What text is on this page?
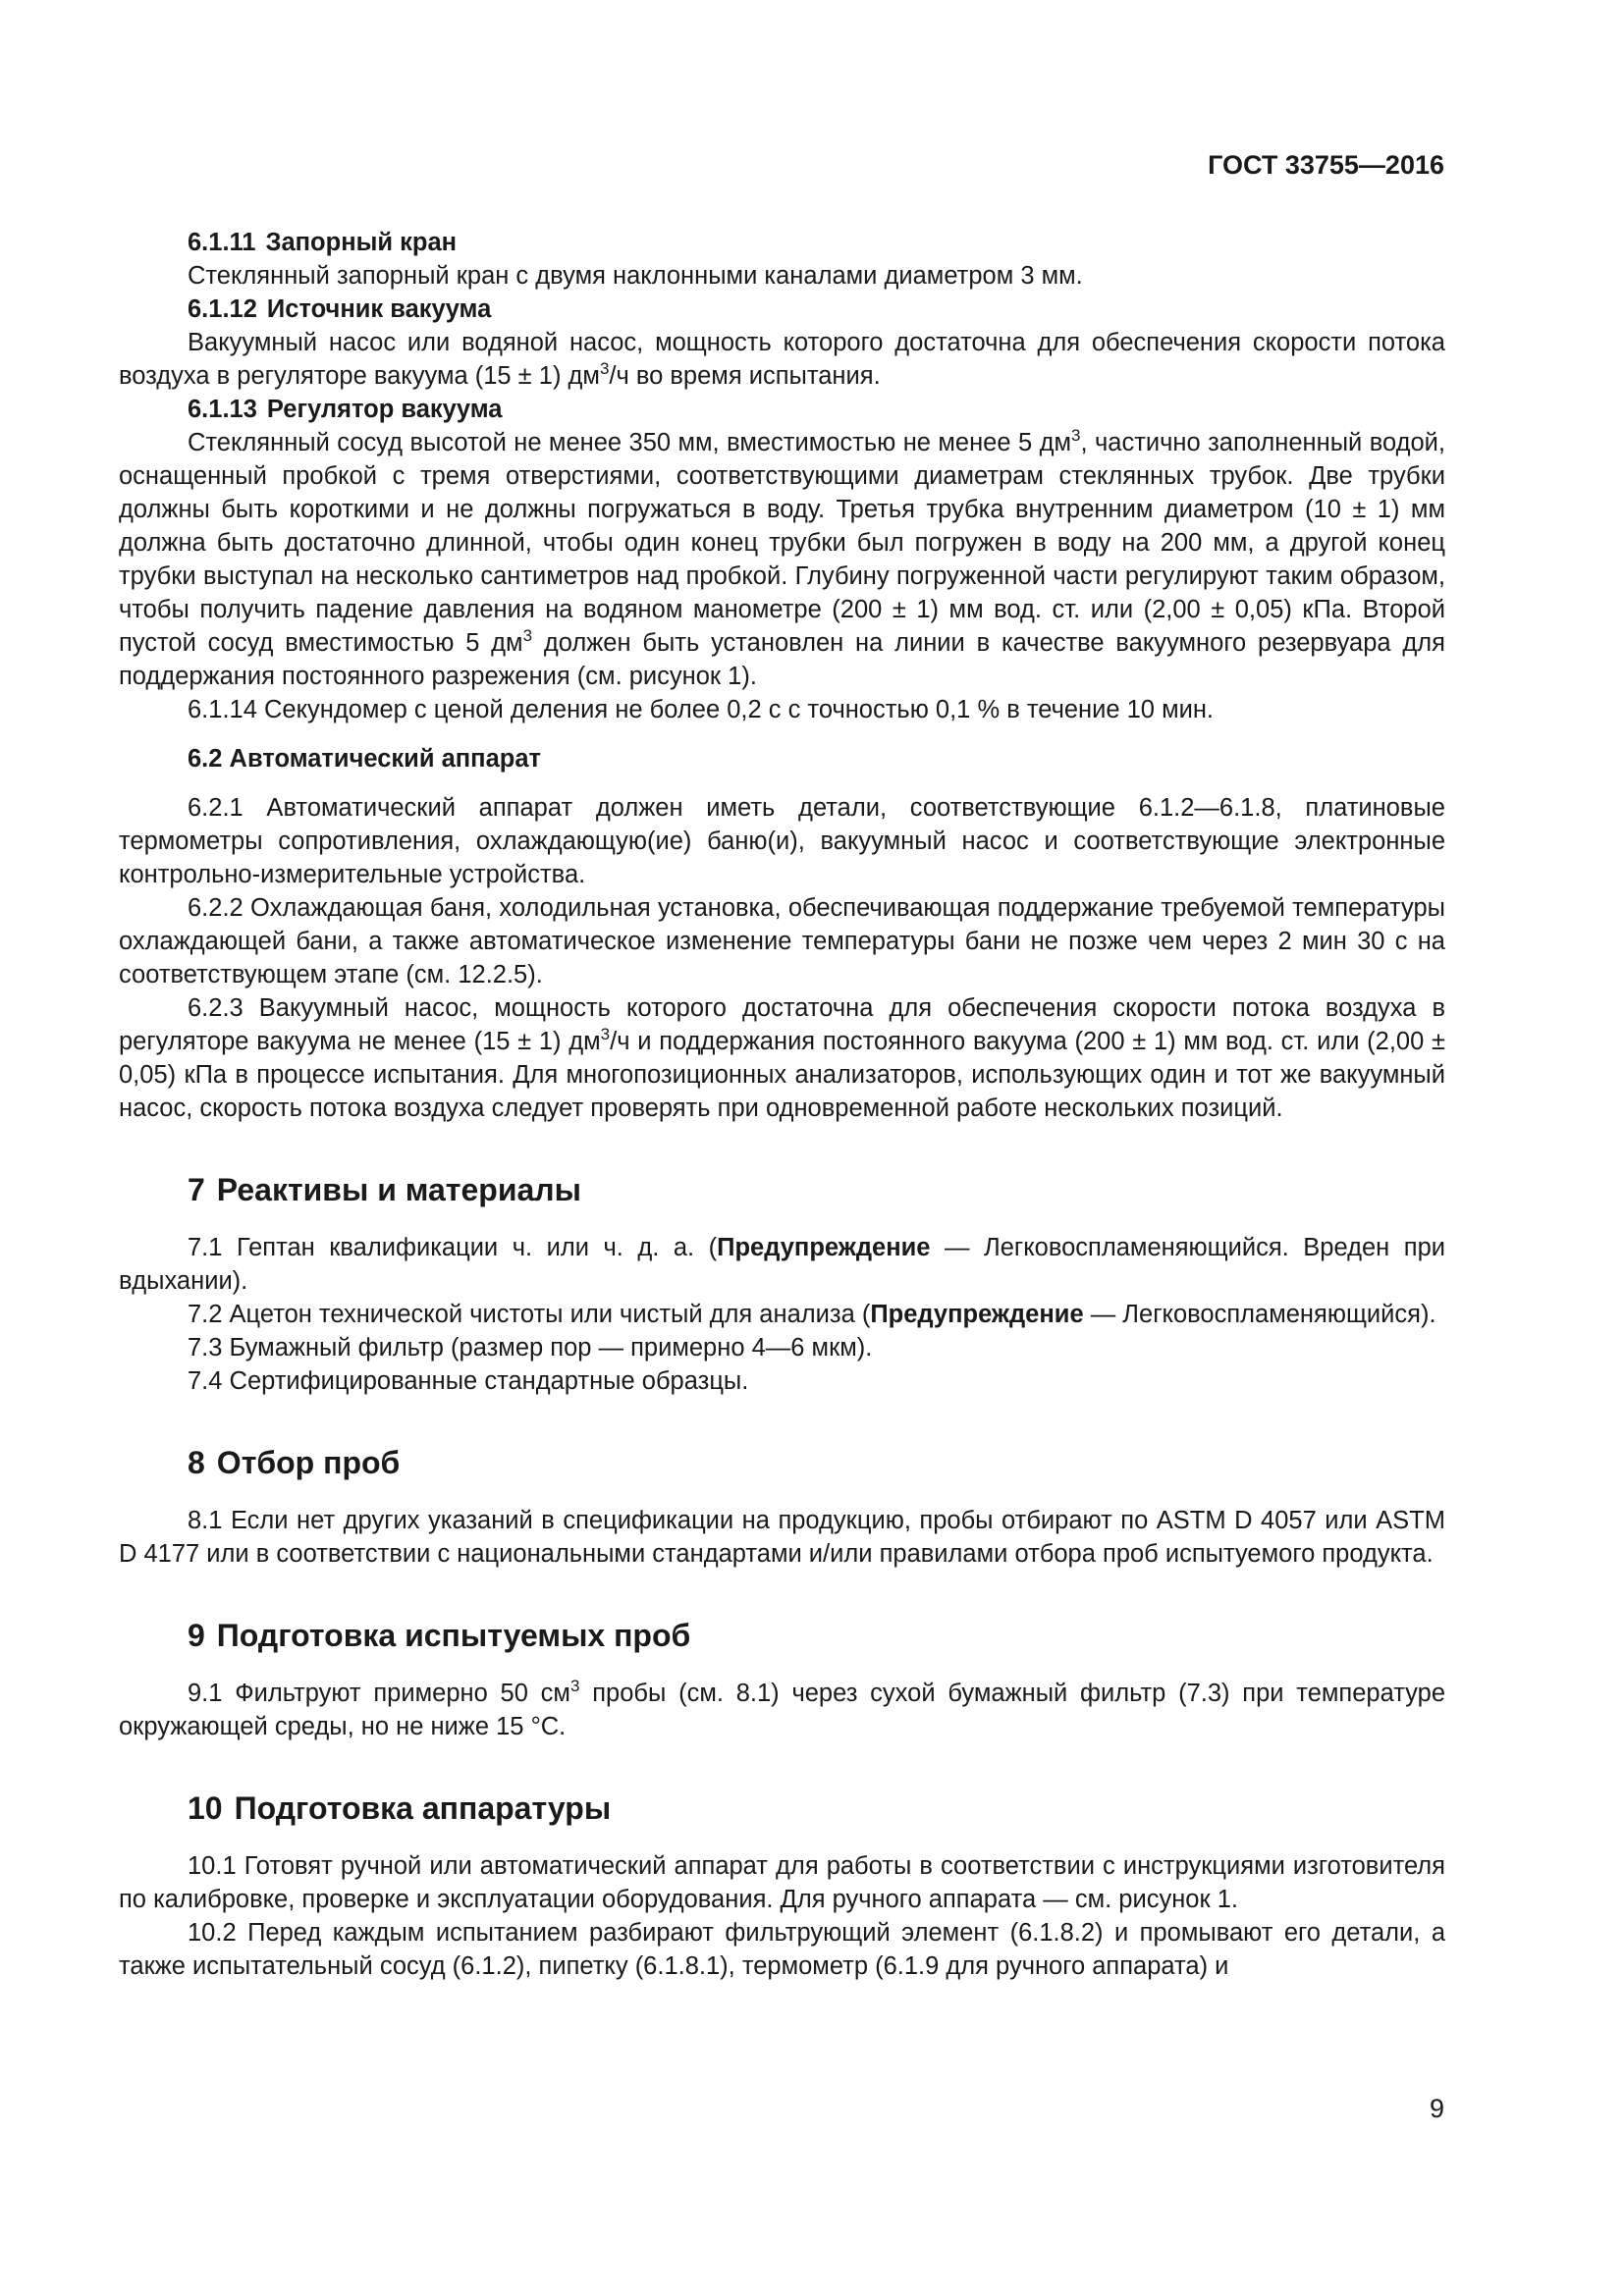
ГОСТ 33755—2016

6.1.11 Запорный кран

Стеклянный запорный кран с двумя наклонными каналами диаметром 3 мм.

6.1.12 Источник вакуума

Вакуумный насос или водяной насос, мощность которого достаточна для обеспечения скорости потока воздуха в регуляторе вакуума (15 ± 1) $дм^3/ч$ во время испытания.

6.1.13 Регулятор вакуума

Стеклянный сосуд высотой не менее 350 мм, вместимостью не менее 5 $дм^3$, частично заполненный водой, оснащенный пробкой с тремя отверстиями, соответствующими диаметрам стеклянных трубок. Две трубки должны быть короткими и не должны погружаться в воду. Третья трубка внутренним диаметром (10 ± 1) мм должна быть достаточно длинной, чтобы один конец трубки был погружен в воду на 200 мм, а другой конец трубки выступал на несколько сантиметров над пробкой. Глубину погруженной части регулируют таким образом, чтобы получить падение давления на водяном манометре (200 ± 1) мм вод. ст. или (2,00 ± 0,05) кПа. Второй пустой сосуд вместимостью 5 $дм^3$ должен быть установлен на линии в качестве вакуумного резервуара для поддержания постоянного разрежения (см. рисунок 1).

6.1.14 Секундомер с ценой деления не более 0,2 с с точностью 0,1 % в течение 10 мин.

6.2 Автоматический аппарат

6.2.1 Автоматический аппарат должен иметь детали, соответствующие 6.1.2—6.1.8, платиновые термометры сопротивления, охлаждающую(ие) баню(и), вакуумный насос и соответствующие электронные контрольно-измерительные устройства.

6.2.2 Охлаждающая баня, холодильная установка, обеспечивающая поддержание требуемой температуры охлаждающей бани, а также автоматическое изменение температуры бани не позже чем через 2 мин 30 с на соответствующем этапе (см. 12.2.5).

6.2.3 Вакуумный насос, мощность которого достаточна для обеспечения скорости потока воздуха в регуляторе вакуума не менее (15 ± 1) $дм^3/ч$ и поддержания постоянного вакуума (200 ± 1) мм вод. ст. или (2,00 ± 0,05) кПа в процессе испытания. Для многопозиционных анализаторов, использующих один и тот же вакуумный насос, скорость потока воздуха следует проверять при одновременной работе нескольких позиций.

7 Реактивы и материалы

7.1 Гептан квалификации ч. или ч. д. а. (Предупреждение — Легковоспламеняющийся. Вреден при вдыхании).

7.2 Ацетон технической чистоты или чистый для анализа (Предупреждение — Легковоспламеняющийся).

7.3 Бумажный фильтр (размер пор — примерно 4—6 мкм).

7.4 Сертифицированные стандартные образцы.

8 Отбор проб

8.1 Если нет других указаний в спецификации на продукцию, пробы отбирают по ASTM D 4057 или ASTM D 4177 или в соответствии с национальными стандартами и/или правилами отбора проб испытуемого продукта.

9 Подготовка испытуемых проб

9.1 Фильтруют примерно 50 $см^3$ пробы (см. 8.1) через сухой бумажный фильтр (7.3) при температуре окружающей среды, но не ниже 15 °С.

10 Подготовка аппаратуры

10.1 Готовят ручной или автоматический аппарат для работы в соответствии с инструкциями изготовителя по калибровке, проверке и эксплуатации оборудования. Для ручного аппарата — см. рисунок 1.

10.2 Перед каждым испытанием разбирают фильтрующий элемент (6.1.8.2) и промывают его детали, а также испытательный сосуд (6.1.2), пипетку (6.1.8.1), термометр (6.1.9 для ручного аппарата) и

9
